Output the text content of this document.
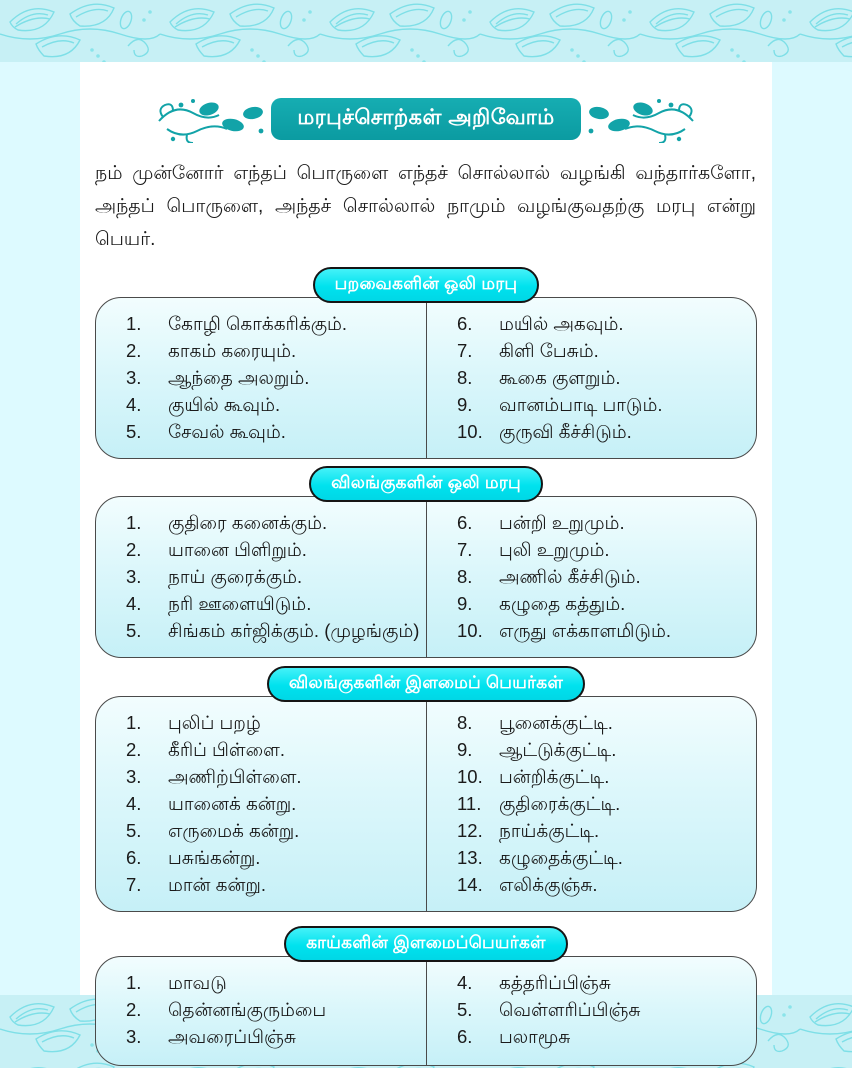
மரபுச்சொற்கள் அறிவோம்

நம் முன்னோர் எந்தப் பொருளை எந்தச் சொல்லால் வழங்கி வந்தார்களோ, அந்தப் பொருளை, அந்தச் சொல்லால் நாமும் வழங்குவதற்கு மரபு என்று பெயர்.

பறவைகளின் ஒலி மரபு
1.	கோழி கொக்கரிக்கும்.
2.	காகம் கரையும்.
3.	ஆந்தை அலறும்.
4.	குயில் கூவும்.
5.	சேவல் கூவும்.
6.	மயில் அகவும்.
7.	கிளி பேசும்.
8.	கூகை குளறும்.
9.	வானம்பாடி பாடும்.
10. குருவி கீச்சிடும்.
விலங்குகளின் ஒலி மரபு
1.	குதிரை கனைக்கும்.
2.	யானை பிளிறும்.
3.	நாய் குரைக்கும்.
4.	நரி ஊளையிடும்.
5.	சிங்கம் கர்ஜிக்கும். (முழங்கும்)
6.	பன்றி உறுமும்.
7.	புலி உறுமும்.
8.	அணில் கீச்சிடும்.
9.	கழுதை கத்தும்.
10. எருது எக்காளமிடும்.
விலங்குகளின் இளமைப் பெயர்கள்
1.	புலிப் பறழ்
2.	கீரிப் பிள்ளை.
3.	அணிற்பிள்ளை.
4.	யானைக் கன்று.
5.	எருமைக் கன்று.
6.	பசுங்கன்று.
7.	மான் கன்று.
8.	பூனைக்குட்டி.
9.	ஆட்டுக்குட்டி.
10. பன்றிக்குட்டி.
11. குதிரைக்குட்டி.
12. நாய்க்குட்டி.
13. கழுதைக்குட்டி.
14. எலிக்குஞ்சு.
காய்களின் இளமைப்பெயர்கள்
1.	மாவடு
2.	தென்னங்குரும்பை
3.	அவரைப்பிஞ்சு
4.	கத்தரிப்பிஞ்சு
5.	வெள்ளரிப்பிஞ்சு
6.	பலாமூசு
